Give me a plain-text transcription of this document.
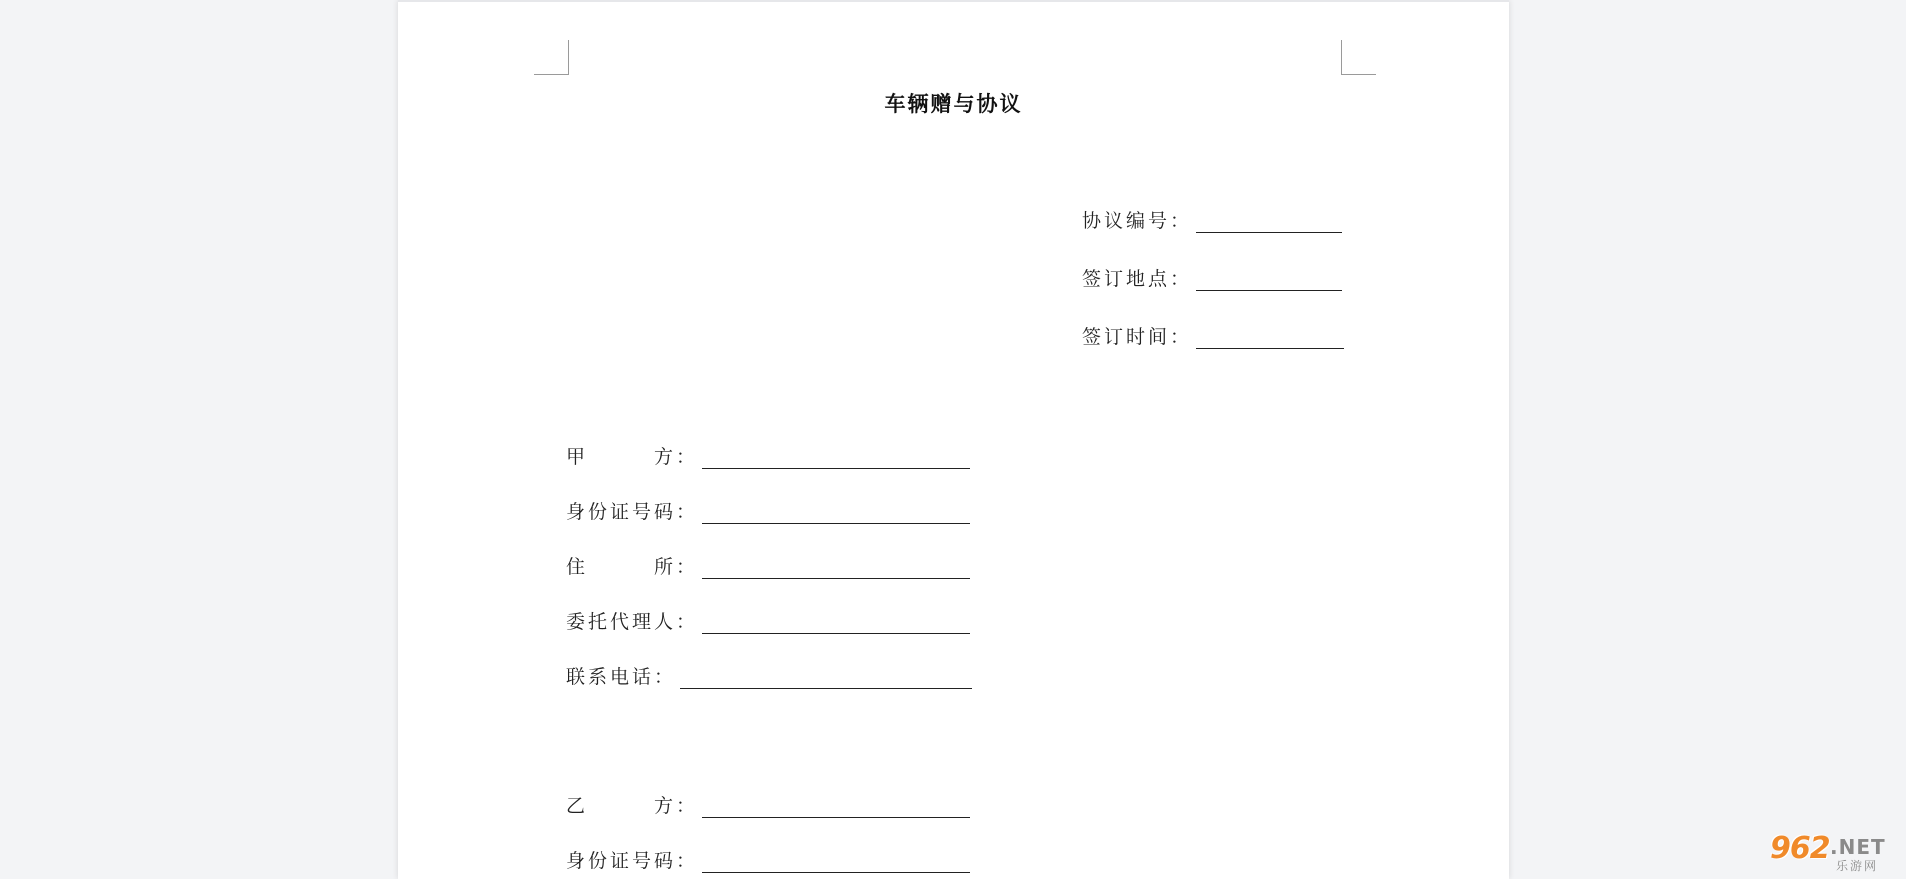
车辆赠与协议
协议编号：
签订地点：
签订时间：
甲　　　方：
身份证号码：
住　　　所：
委托代理人：
联系电话：
乙　　　方：
身份证号码：	962 .NET
乐游网
